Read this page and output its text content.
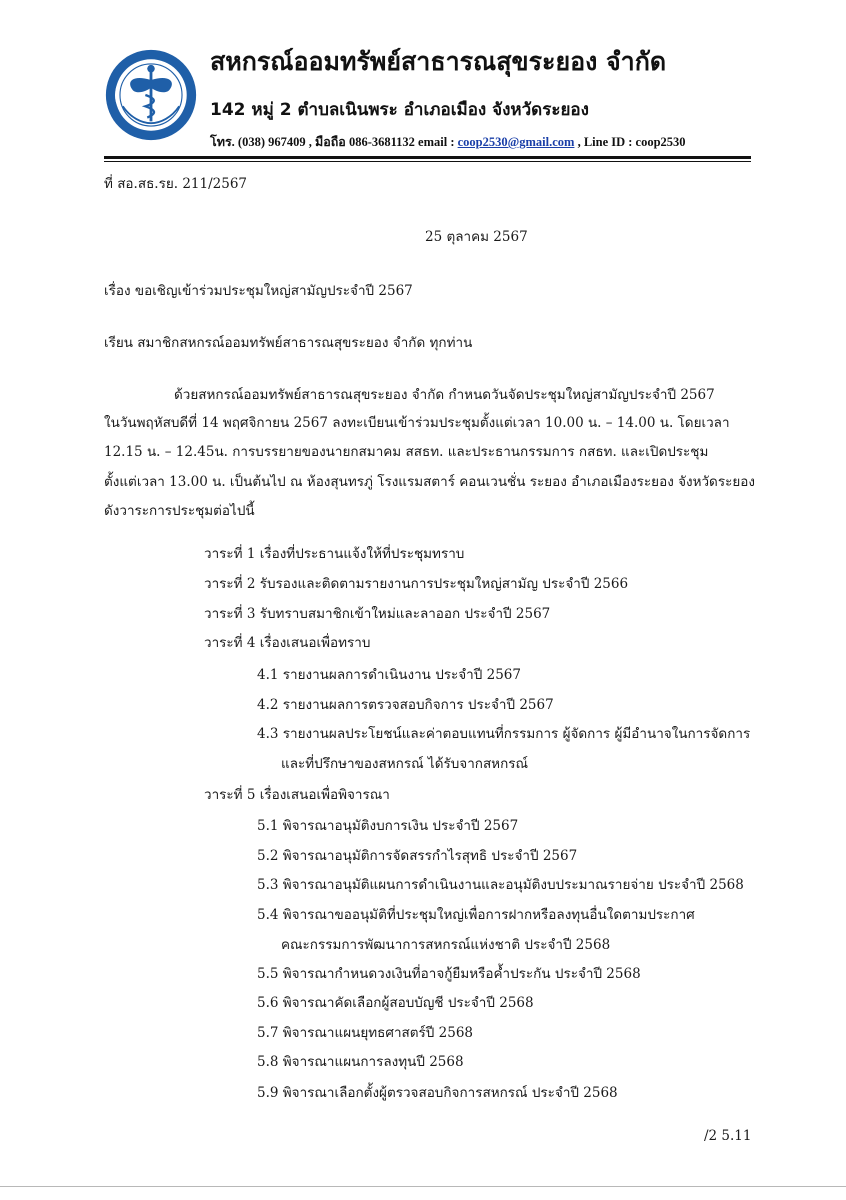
สหกรณ์ออมทรัพย์สาธารณสุขระยอง จำกัด
142 หมู่ 2 ตำบลเนินพระ อำเภอเมือง จังหวัดระยอง
โทร. (038) 967409 , มือถือ 086-3681132 email : coop2530@gmail.com , Line ID : coop2530
ที่ สอ.สธ.รย. 211/2567
25 ตุลาคม 2567
เรื่อง ขอเชิญเข้าร่วมประชุมใหญ่สามัญประจำปี 2567
เรียน สมาชิกสหกรณ์ออมทรัพย์สาธารณสุขระยอง จำกัด ทุกท่าน
ด้วยสหกรณ์ออมทรัพย์สาธารณสุขระยอง จำกัด กำหนดวันจัดประชุมใหญ่สามัญประจำปี 2567
ในวันพฤหัสบดีที่ 14 พฤศจิกายน 2567 ลงทะเบียนเข้าร่วมประชุมตั้งแต่เวลา 10.00 น. – 14.00 น. โดยเวลา
12.15 น. – 12.45น. การบรรยายของนายกสมาคม สสธท. และประธานกรรมการ กสธท. และเปิดประชุม
ตั้งแต่เวลา 13.00 น. เป็นต้นไป ณ ห้องสุนทรภู่ โรงแรมสตาร์ คอนเวนชั่น ระยอง อำเภอเมืองระยอง จังหวัดระยอง
ดังวาระการประชุมต่อไปนี้
วาระที่ 1 เรื่องที่ประธานแจ้งให้ที่ประชุมทราบ
วาระที่ 2 รับรองและติดตามรายงานการประชุมใหญ่สามัญ ประจำปี 2566
วาระที่ 3 รับทราบสมาชิกเข้าใหม่และลาออก ประจำปี 2567
วาระที่ 4 เรื่องเสนอเพื่อทราบ
4.1 รายงานผลการดำเนินงาน ประจำปี 2567
4.2 รายงานผลการตรวจสอบกิจการ ประจำปี 2567
4.3 รายงานผลประโยชน์และค่าตอบแทนที่กรรมการ ผู้จัดการ ผู้มีอำนาจในการจัดการ
และที่ปรึกษาของสหกรณ์ ได้รับจากสหกรณ์
วาระที่ 5 เรื่องเสนอเพื่อพิจารณา
5.1 พิจารณาอนุมัติงบการเงิน ประจำปี 2567
5.2 พิจารณาอนุมัติการจัดสรรกำไรสุทธิ ประจำปี 2567
5.3 พิจารณาอนุมัติแผนการดำเนินงานและอนุมัติงบประมาณรายจ่าย ประจำปี 2568
5.4 พิจารณาขออนุมัติที่ประชุมใหญ่เพื่อการฝากหรือลงทุนอื่นใดตามประกาศ
คณะกรรมการพัฒนาการสหกรณ์แห่งชาติ ประจำปี 2568
5.5 พิจารณากำหนดวงเงินที่อาจกู้ยืมหรือค้ำประกัน ประจำปี 2568
5.6 พิจารณาคัดเลือกผู้สอบบัญชี ประจำปี 2568
5.7 พิจารณาแผนยุทธศาสตร์ปี 2568
5.8 พิจารณาแผนการลงทุนปี 2568
5.9 พิจารณาเลือกตั้งผู้ตรวจสอบกิจการสหกรณ์ ประจำปี 2568
/2 5.11
